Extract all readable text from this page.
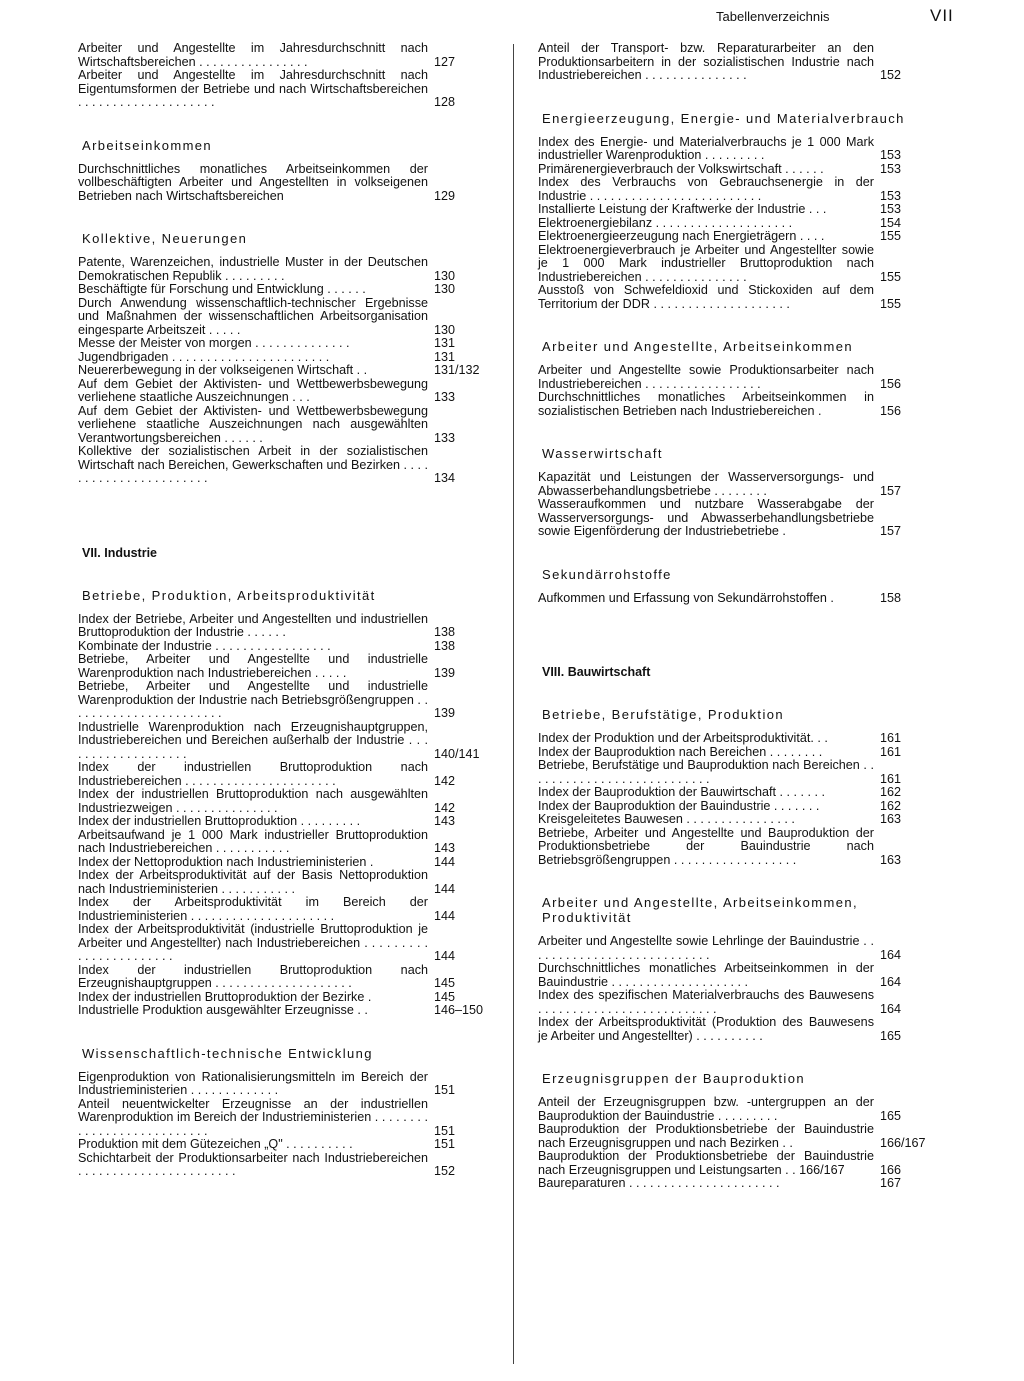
Tabellenverzeichnis	VII
Arbeiter und Angestellte im Jahresdurchschnitt nach Wirtschaftsbereichen . . . . . . . . . . . . . . . .	127
Arbeiter und Angestellte im Jahresdurchschnitt nach Eigentumsformen der Betriebe und nach Wirtschaftsbereichen . . . . . . . . . . . . . . . . . . . .	128
Arbeitseinkommen
Durchschnittliches monatliches Arbeitseinkommen der vollbeschäftigten Arbeiter und Angestellten in volkseigenen Betrieben nach Wirtschaftsbereichen	129
Kollektive, Neuerungen
Patente, Warenzeichen, industrielle Muster in der Deutschen Demokratischen Republik . . . . . . . . .	130
Beschäftigte für Forschung und Entwicklung . . . . . .	130
Durch Anwendung wissenschaftlich-technischer Ergebnisse und Maßnahmen der wissenschaftlichen Arbeitsorganisation eingesparte Arbeitszeit . . . . .	130
Messe der Meister von morgen . . . . . . . . . . . . . .	131
Jugendbrigaden . . . . . . . . . . . . . . . . . . . . . . .	131
Neuererbewegung in der volkseigenen Wirtschaft . .	131/132
Auf dem Gebiet der Aktivisten- und Wettbewerbsbewegung verliehene staatliche Auszeichnungen . . .	133
Auf dem Gebiet der Aktivisten- und Wettbewerbsbewegung verliehene staatliche Auszeichnungen nach ausgewählten Verantwortungsbereichen . . . . . .	133
Kollektive der sozialistischen Arbeit in der sozialistischen Wirtschaft nach Bereichen, Gewerkschaften und Bezirken . . . . . . . . . . . . . . . . . . . . . . .	134
VII. Industrie
Betriebe, Produktion, Arbeitsproduktivität
Index der Betriebe, Arbeiter und Angestellten und industriellen Bruttoproduktion der Industrie . . . . . .	138
Kombinate der Industrie . . . . . . . . . . . . . . . . .	138
Betriebe, Arbeiter und Angestellte und industrielle Warenproduktion nach Industriebereichen . . . . .	139
Betriebe, Arbeiter und Angestellte und industrielle Warenproduktion der Industrie nach Betriebsgrößengruppen . . . . . . . . . . . . . . . . . . . . . . .	139
Industrielle Warenproduktion nach Erzeugnishauptgruppen, Industriebereichen und Bereichen außerhalb der Industrie . . . . . . . . . . . . . . . . . . .	140/141
Index der industriellen Bruttoproduktion nach Industriebereichen . . . . . . . . . . . . . . . . . . . . . .	142
Index der industriellen Bruttoproduktion nach ausgewählten Industriezweigen . . . . . . . . . . . . . . .	142
Index der industriellen Bruttoproduktion . . . . . . . . .	143
Arbeitsaufwand je 1 000 Mark industrieller Bruttoproduktion nach Industriebereichen . . . . . . . . . . .	143
Index der Nettoproduktion nach Industrieministerien .	144
Index der Arbeitsproduktivität auf der Basis Nettoproduktion nach Industrieministerien . . . . . . . . . . .	144
Index der Arbeitsproduktivität im Bereich der Industrieministerien . . . . . . . . . . . . . . . . . . . . .	144
Index der Arbeitsproduktivität (industrielle Bruttoproduktion je Arbeiter und Angestellter) nach Industriebereichen . . . . . . . . . . . . . . . . . . . . . . .	144
Index der industriellen Bruttoproduktion nach Erzeugnishauptgruppen . . . . . . . . . . . . . . . . . . . .	145
Index der industriellen Bruttoproduktion der Bezirke .	145
Industrielle Produktion ausgewählter Erzeugnisse . .	146–150
Wissenschaftlich-technische Entwicklung
Eigenproduktion von Rationalisierungsmitteln im Bereich der Industrieministerien . . . . . . . . . . . . .	151
Anteil neuentwickelter Erzeugnisse an der industriellen Warenproduktion im Bereich der Industrieministerien . . . . . . . . . . . . . . . . . . . . . . . . . . .	151
Produktion mit dem Gütezeichen „Q" . . . . . . . . . .	151
Schichtarbeit der Produktionsarbeiter nach Industriebereichen . . . . . . . . . . . . . . . . . . . . . . .	152
Anteil der Transport- bzw. Reparaturarbeiter an den Produktionsarbeitern in der sozialistischen Industrie nach Industriebereichen . . . . . . . . . . . . . . .	152
Energieerzeugung, Energie- und Materialverbrauch
Index des Energie- und Materialverbrauchs je 1 000 Mark industrieller Warenproduktion . . . . . . . . .	153
Primärenergieverbrauch der Volkswirtschaft . . . . . .	153
Index des Verbrauchs von Gebrauchsenergie in der Industrie . . . . . . . . . . . . . . . . . . . . . . . . .	153
Installierte Leistung der Kraftwerke der Industrie . . .	153
Elektroenergiebilanz . . . . . . . . . . . . . . . . . . . .	154
Elektroenergieerzeugung nach Energieträgern . . . .	155
Elektroenergieverbrauch je Arbeiter und Angestellter sowie je 1 000 Mark industrieller Bruttoproduktion nach Industriebereichen . . . . . . . . . . . . . . .	155
Ausstoß von Schwefeldioxid und Stickoxiden auf dem Territorium der DDR . . . . . . . . . . . . . . . . . . . .	155
Arbeiter und Angestellte, Arbeitseinkommen
Arbeiter und Angestellte sowie Produktionsarbeiter nach Industriebereichen . . . . . . . . . . . . . . . . .	156
Durchschnittliches monatliches Arbeitseinkommen in sozialistischen Betrieben nach Industriebereichen .	156
Wasserwirtschaft
Kapazität und Leistungen der Wasserversorgungs- und Abwasserbehandlungsbetriebe . . . . . . . .	157
Wasseraufkommen und nutzbare Wasserabgabe der Wasserversorgungs- und Abwasserbehandlungsbetriebe sowie Eigenförderung der Industriebetriebe .	157
Sekundärrohstoffe
Aufkommen und Erfassung von Sekundärrohstoffen .	158
VIII. Bauwirtschaft
Betriebe, Berufstätige, Produktion
Index der Produktion und der Arbeitsproduktivität. . .	161
Index der Bauproduktion nach Bereichen . . . . . . . .	161
Betriebe, Berufstätige und Bauproduktion nach Bereichen . . . . . . . . . . . . . . . . . . . . . . . . . . .	161
Index der Bauproduktion der Bauwirtschaft . . . . . . .	162
Index der Bauproduktion der Bauindustrie . . . . . . .	162
Kreisgeleitetes Bauwesen . . . . . . . . . . . . . . . .	163
Betriebe, Arbeiter und Angestellte und Bauproduktion der Produktionsbetriebe der Bauindustrie nach Betriebsgrößengruppen . . . . . . . . . . . . . . . . . .	163
Arbeiter und Angestellte, Arbeitseinkommen, Produktivität
Arbeiter und Angestellte sowie Lehrlinge der Bauindustrie . . . . . . . . . . . . . . . . . . . . . . . . . . .	164
Durchschnittliches monatliches Arbeitseinkommen in der Bauindustrie . . . . . . . . . . . . . . . . . . . .	164
Index des spezifischen Materialverbrauchs des Bauwesens . . . . . . . . . . . . . . . . . . . . . . . . . .	164
Index der Arbeitsproduktivität (Produktion des Bauwesens je Arbeiter und Angestellter) . . . . . . . . . .	165
Erzeugnisgruppen der Bauproduktion
Anteil der Erzeugnisgruppen bzw. -untergruppen an der Bauproduktion der Bauindustrie . . . . . . . . .	165
Bauproduktion der Produktionsbetriebe der Bauindustrie nach Erzeugnisgruppen und nach Bezirken . .	166/167
Bauproduktion der Produktionsbetriebe der Bauindustrie nach Erzeugnisgruppen und Leistungsarten . . 166/167	166
Baureparaturen . . . . . . . . . . . . . . . . . . . . . .	167
